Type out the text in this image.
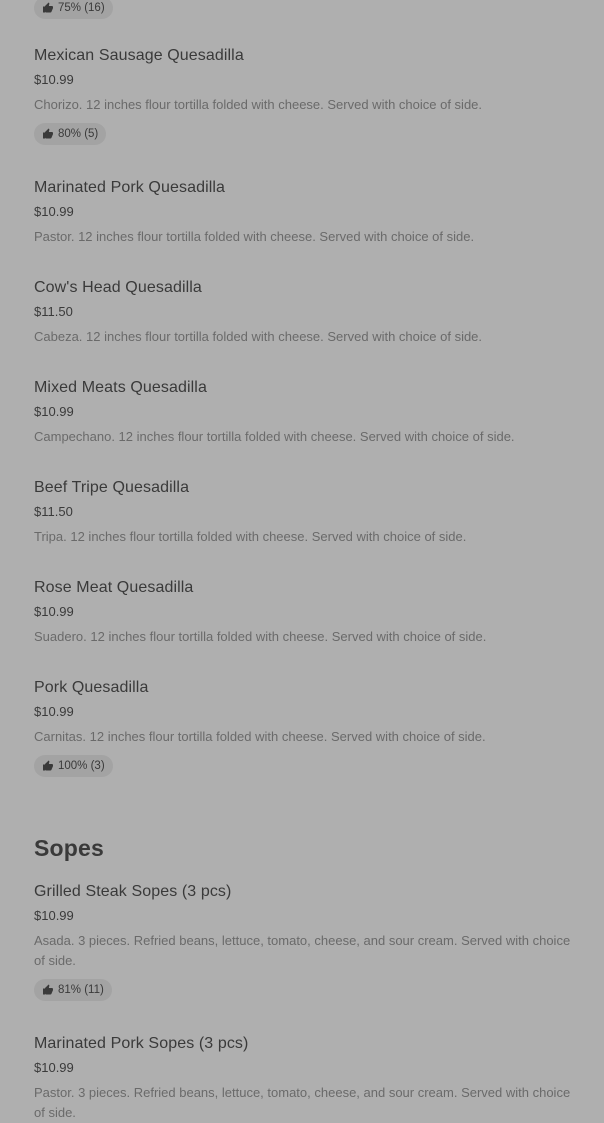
75% (16)
Mexican Sausage Quesadilla
$10.99
Chorizo. 12 inches flour tortilla folded with cheese. Served with choice of side.
80% (5)
Marinated Pork Quesadilla
$10.99
Pastor. 12 inches flour tortilla folded with cheese. Served with choice of side.
Cow's Head Quesadilla
$11.50
Cabeza. 12 inches flour tortilla folded with cheese. Served with choice of side.
Mixed Meats Quesadilla
$10.99
Campechano. 12 inches flour tortilla folded with cheese. Served with choice of side.
Beef Tripe Quesadilla
$11.50
Tripa. 12 inches flour tortilla folded with cheese. Served with choice of side.
Rose Meat Quesadilla
$10.99
Suadero. 12 inches flour tortilla folded with cheese. Served with choice of side.
Pork Quesadilla
$10.99
Carnitas. 12 inches flour tortilla folded with cheese. Served with choice of side.
100% (3)
Sopes
Grilled Steak Sopes (3 pcs)
$10.99
Asada. 3 pieces. Refried beans, lettuce, tomato, cheese, and sour cream. Served with choice of side.
81% (11)
Marinated Pork Sopes (3 pcs)
$10.99
Pastor. 3 pieces. Refried beans, lettuce, tomato, cheese, and sour cream. Served with choice of side.
